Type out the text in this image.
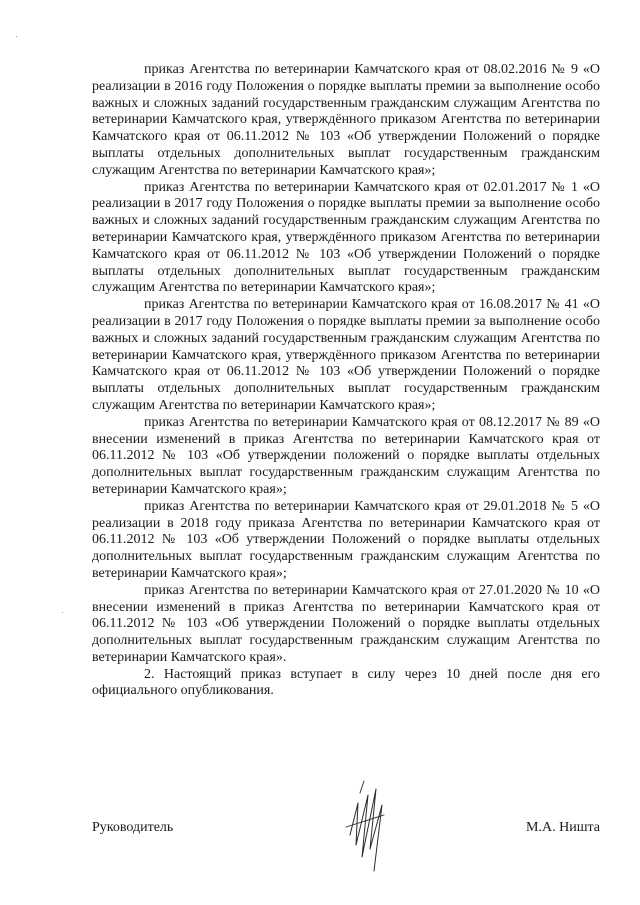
приказ Агентства по ветеринарии Камчатского края от 08.02.2016 № 9 «О реализации в 2016 году Положения о порядке выплаты премии за выполнение особо важных и сложных заданий государственным гражданским служащим Агентства по ветеринарии Камчатского края, утверждённого приказом Агентства по ветеринарии Камчатского края от 06.11.2012 № 103 «Об утверждении Положений о порядке выплаты отдельных дополнительных выплат государственным гражданским служащим Агентства по ветеринарии Камчатского края»;

приказ Агентства по ветеринарии Камчатского края от 02.01.2017 № 1 «О реализации в 2017 году Положения о порядке выплаты премии за выполнение особо важных и сложных заданий государственным гражданским служащим Агентства по ветеринарии Камчатского края, утверждённого приказом Агентства по ветеринарии Камчатского края от 06.11.2012 № 103 «Об утверждении Положений о порядке выплаты отдельных дополнительных выплат государственным гражданским служащим Агентства по ветеринарии Камчатского края»;

приказ Агентства по ветеринарии Камчатского края от 16.08.2017 № 41 «О реализации в 2017 году Положения о порядке выплаты премии за выполнение особо важных и сложных заданий государственным гражданским служащим Агентства по ветеринарии Камчатского края, утверждённого приказом Агентства по ветеринарии Камчатского края от 06.11.2012 № 103 «Об утверждении Положений о порядке выплаты отдельных дополнительных выплат государственным гражданским служащим Агентства по ветеринарии Камчатского края»;

приказ Агентства по ветеринарии Камчатского края от 08.12.2017 № 89 «О внесении изменений в приказ Агентства по ветеринарии Камчатского края от 06.11.2012 № 103 «Об утверждении положений о порядке выплаты отдельных дополнительных выплат государственным гражданским служащим Агентства по ветеринарии Камчатского края»;

приказ Агентства по ветеринарии Камчатского края от 29.01.2018 № 5 «О реализации в 2018 году приказа Агентства по ветеринарии Камчатского края от 06.11.2012 № 103 «Об утверждении Положений о порядке выплаты отдельных дополнительных выплат государственным гражданским служащим Агентства по ветеринарии Камчатского края»;

приказ Агентства по ветеринарии Камчатского края от 27.01.2020 № 10 «О внесении изменений в приказ Агентства по ветеринарии Камчатского края от 06.11.2012 № 103 «Об утверждении Положений о порядке выплаты отдельных дополнительных выплат государственным гражданским служащим Агентства по ветеринарии Камчатского края».

2. Настоящий приказ вступает в силу через 10 дней после дня его официального опубликования.

Руководитель	М.А. Ништа
